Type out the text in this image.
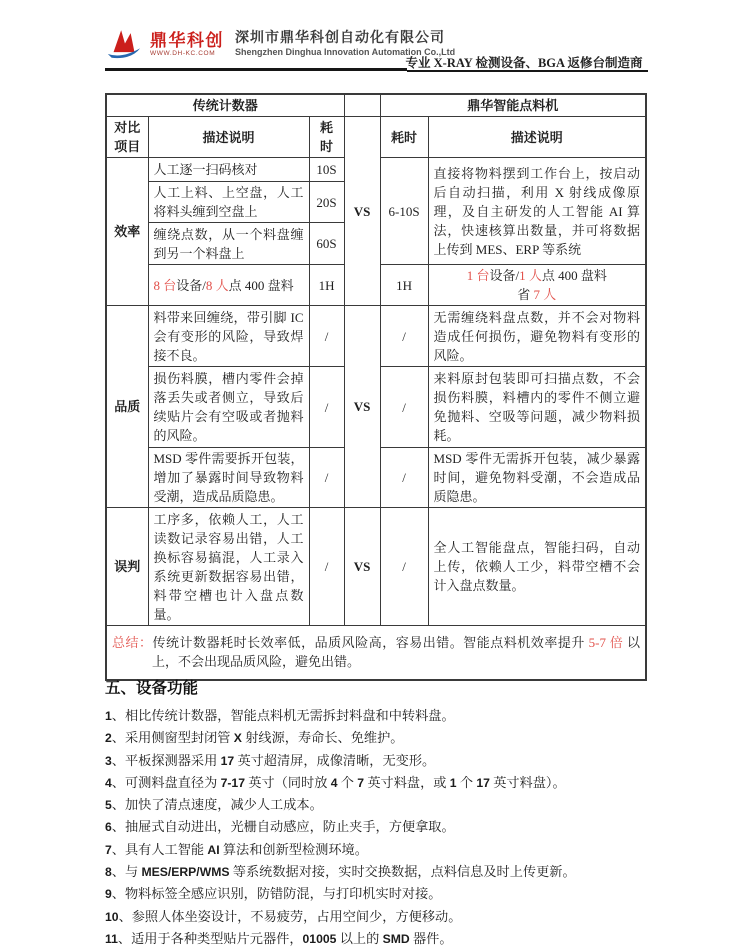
鼎华科创
WWW.DH-KC.COM
深圳市鼎华科创自动化有限公司
Shengzhen Dinghua Innovation Automation Co.,Ltd
专业 X-RAY 检测设备、BGA 返修台制造商
传统计数器				鼎华智能点料机	
对比项目	描述说明	耗时	VS	耗时	描述说明
效率	人工逐一扫码核对	10S		6-10S	直接将物料摆到工作台上，按启动后自动扫描，利用 X 射线成像原理，及自主研发的人工智能 AI 算法，快速核算出数量，并可将数据上传到 MES、ERP 等系统
	人工上料、上空盘，人工将料头缠到空盘上	20S			
	缠绕点数，从一个料盘缠到另一个料盘上	60S			
	8 台设备/8 人点 400 盘料	1H		1H	1 台设备/1 人点 400 盘料
省 7 人

品质	料带来回缠绕，带引脚 IC 会有变形的风险，导致焊接不良。	/	VS	/	无需缠绕料盘点数，并不会对物料造成任何损伤，避免物料有变形的风险。
	损伤料膜，槽内零件会掉落丢失或者侧立，导致后续贴片会有空吸或者抛料的风险。	/		/	来料原封包装即可扫描点数，不会损伤料膜，料槽内的零件不侧立避免抛料、空吸等问题，减少物料损耗。
	MSD 零件需要拆开包装，增加了暴露时间导致物料受潮，造成品质隐患。	/		/	MSD 零件无需拆开包装，减少暴露时间，避免物料受潮，不会造成品质隐患。
误判	工序多，依赖人工，人工读数记录容易出错，人工换标容易搞混，人工录入系统更新数据容易出错，料带空槽也计入盘点数量。	/	VS	/	全人工智能盘点，智能扫码，自动上传，依赖人工少，料带空槽不会计入盘点数量。

总结：传统计数器耗时长效率低，品质风险高，容易出错。智能点料机效率提升 5-7 倍 以上，不会出现品质风险，避免出错。					
五、设备功能
1、相比传统计数器，智能点料机无需拆封料盘和中转料盘。
2、采用侧窗型封闭管 X 射线源，寿命长、免维护。
3、平板探测器采用 17 英寸超清屏，成像清晰，无变形。
4、可测料盘直径为 7-17 英寸（同时放 4 个 7 英寸料盘，或 1 个 17 英寸料盘）。
5、加快了清点速度，减少人工成本。
6、抽屉式自动进出，光栅自动感应，防止夹手，方便拿取。
7、具有人工智能 AI 算法和创新型检测环境。
8、与 MES/ERP/WMS 等系统数据对接，实时交换数据，点料信息及时上传更新。
9、物料标签全感应识别，防错防混，与打印机实时对接。
10、参照人体坐姿设计，不易疲劳，占用空间少，方便移动。
11、适用于各种类型贴片元器件，01005 以上的 SMD 器件。
